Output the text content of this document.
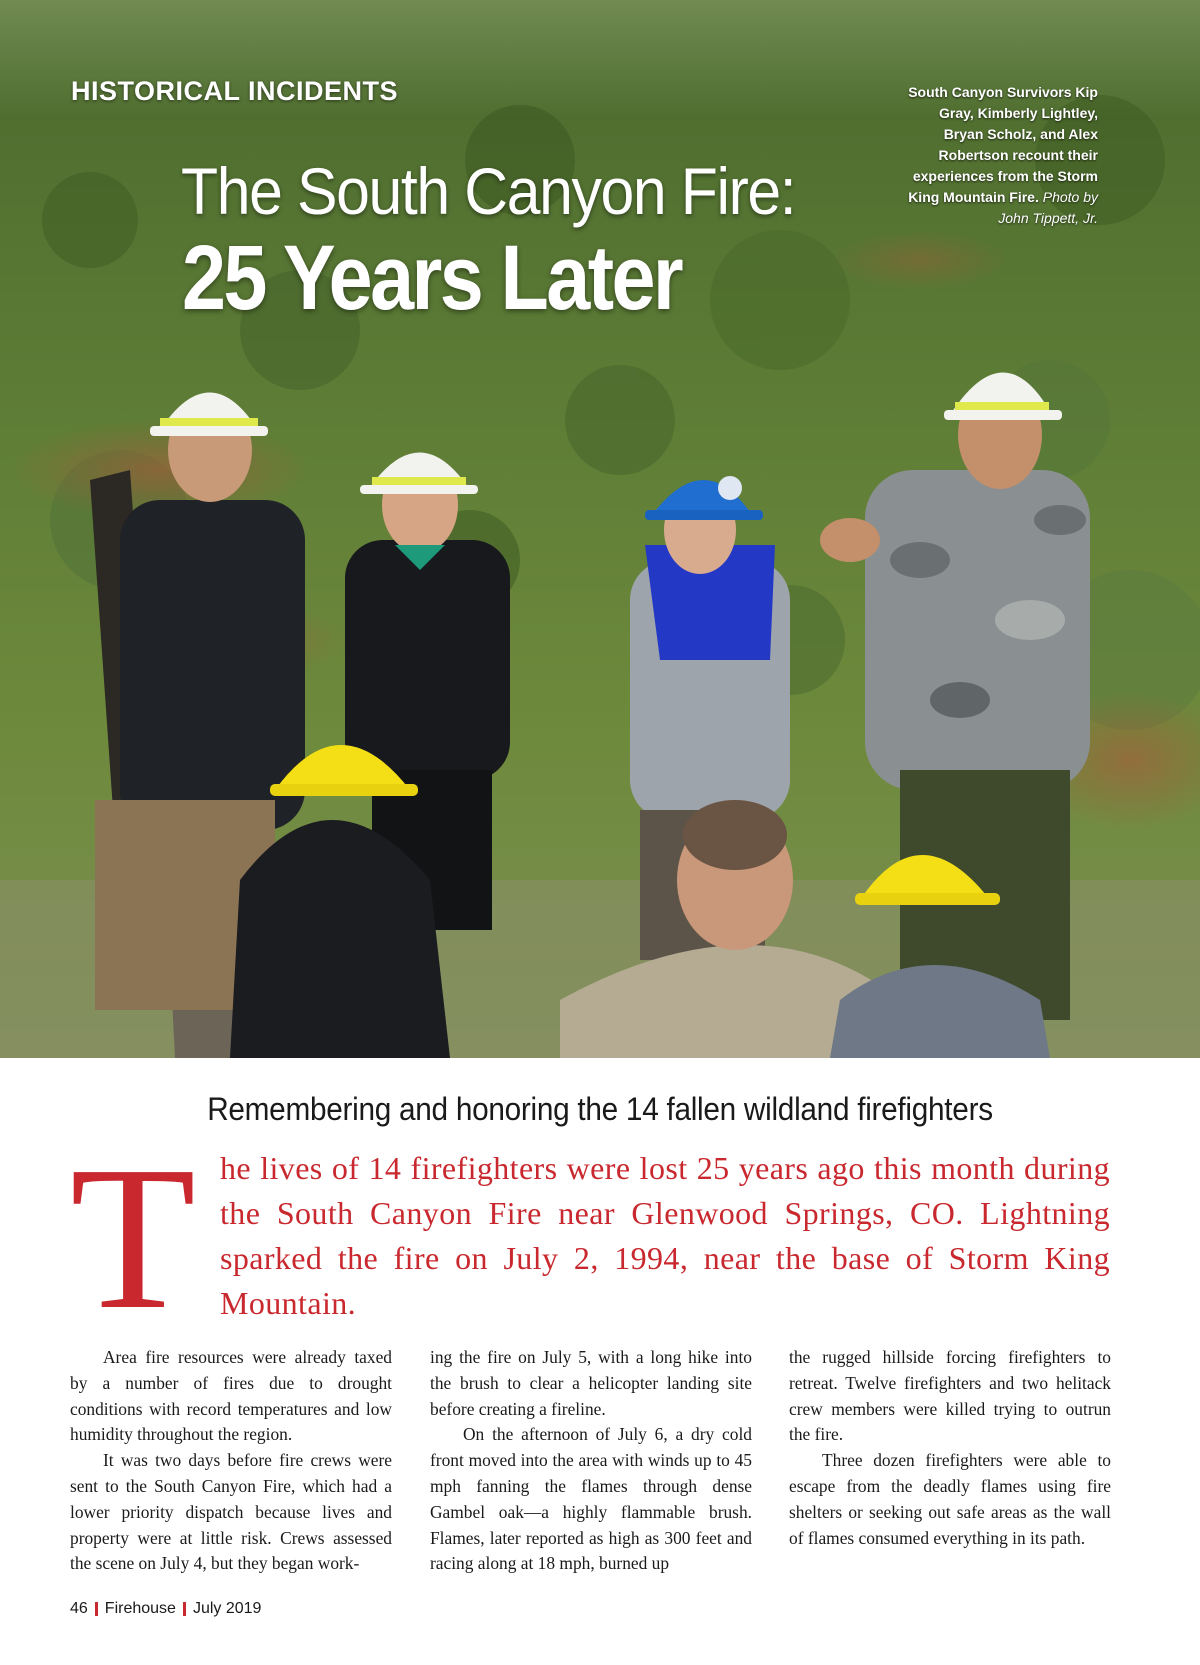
HISTORICAL INCIDENTS
The South Canyon Fire:
25 Years Later
South Canyon Survivors Kip Gray, Kimberly Lightley, Bryan Scholz, and Alex Robertson recount their experiences from the Storm King Mountain Fire. Photo by John Tippett, Jr.
Remembering and honoring the 14 fallen wildland firefighters
T he lives of 14 firefighters were lost 25 years ago this month during the South Canyon Fire near Glenwood Springs, CO. Lightning sparked the fire on July 2, 1994, near the base of Storm King Mountain.

Area fire resources were already taxed by a number of fires due to drought conditions with record temperatures and low humidity throughout the region.

It was two days before fire crews were sent to the South Canyon Fire, which had a lower priority dispatch because lives and property were at little risk. Crews assessed the scene on July 4, but they began work-

ing the fire on July 5, with a long hike into the brush to clear a helicopter landing site before creating a fireline.

On the afternoon of July 6, a dry cold front moved into the area with winds up to 45 mph fanning the flames through dense Gambel oak—a highly flammable brush. Flames, later reported as high as 300 feet and racing along at 18 mph, burned up

the rugged hillside forcing firefighters to retreat. Twelve firefighters and two helitack crew members were killed trying to outrun the fire.

Three dozen firefighters were able to escape from the deadly flames using fire shelters or seeking out safe areas as the wall of flames consumed everything in its path.

46 Firehouse July 2019
